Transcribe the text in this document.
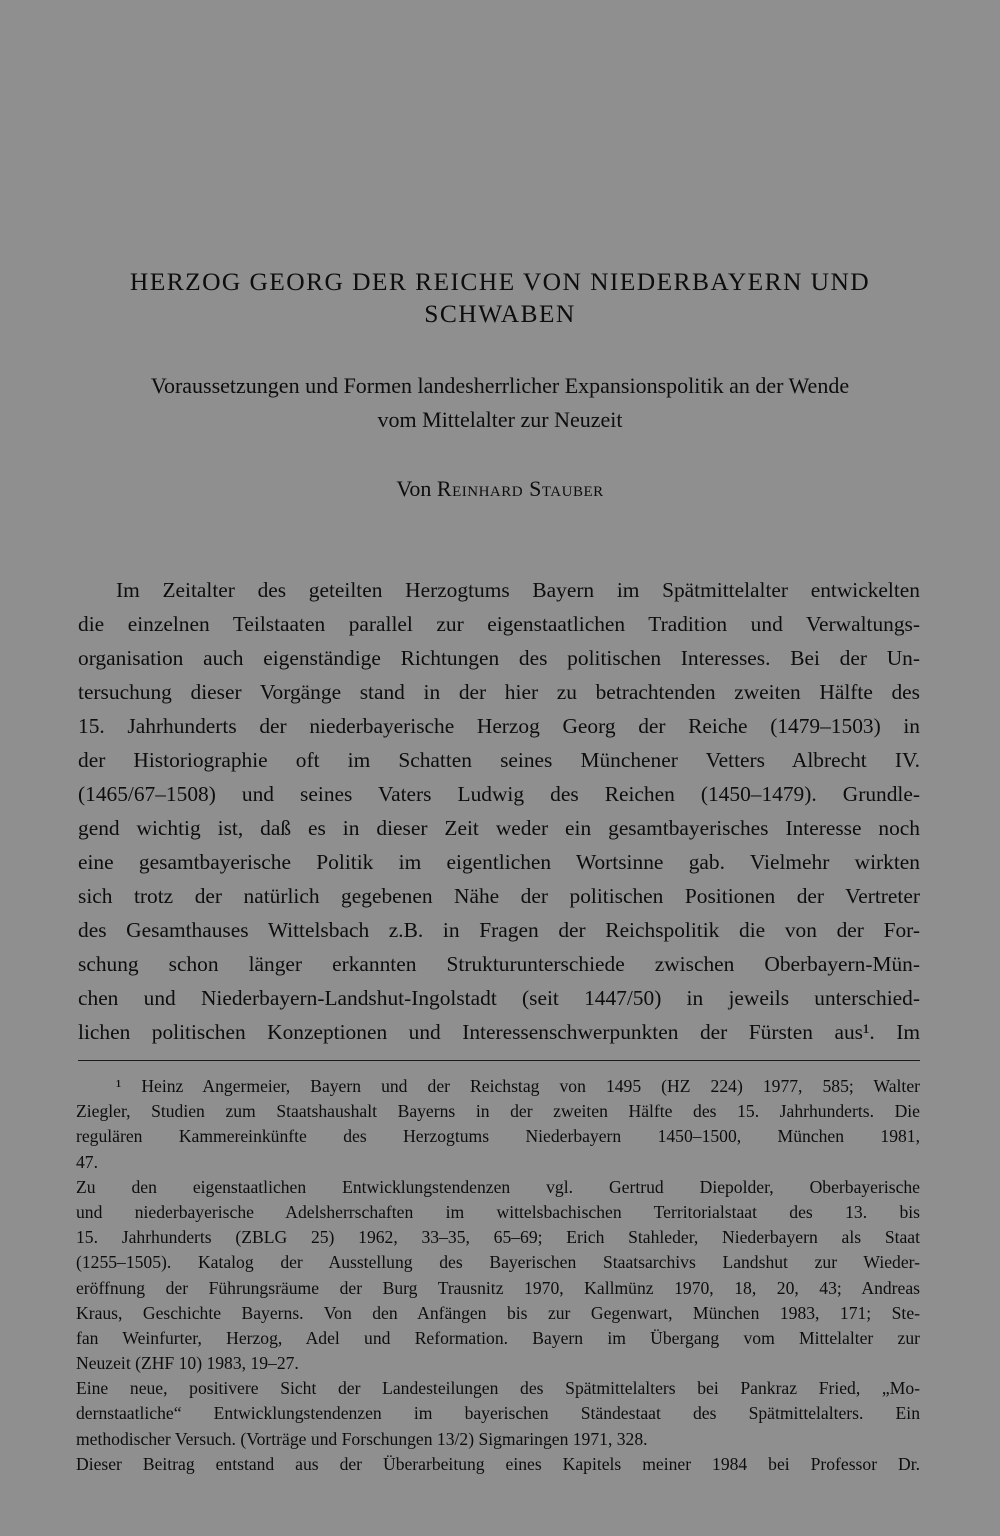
HERZOG GEORG DER REICHE VON NIEDERBAYERN UND
SCHWABEN

Voraussetzungen und Formen landesherrlicher Expansionspolitik an der Wende
vom Mittelalter zur Neuzeit

Von Reinhard Stauber

Im Zeitalter des geteilten Herzogtums Bayern im Spätmittelalter entwickelten
die einzelnen Teilstaaten parallel zur eigenstaatlichen Tradition und Verwaltungs-
organisation auch eigenständige Richtungen des politischen Interesses. Bei der Un-
tersuchung dieser Vorgänge stand in der hier zu betrachtenden zweiten Hälfte des
15. Jahrhunderts der niederbayerische Herzog Georg der Reiche (1479–1503) in
der Historiographie oft im Schatten seines Münchener Vetters Albrecht IV.
(1465/67–1508) und seines Vaters Ludwig des Reichen (1450–1479). Grundle-
gend wichtig ist, daß es in dieser Zeit weder ein gesamtbayerisches Interesse noch
eine gesamtbayerische Politik im eigentlichen Wortsinne gab. Vielmehr wirkten
sich trotz der natürlich gegebenen Nähe der politischen Positionen der Vertreter
des Gesamthauses Wittelsbach z.B. in Fragen der Reichspolitik die von der For-
schung schon länger erkannten Strukturunterschiede zwischen Oberbayern-Mün-
chen und Niederbayern-Landshut-Ingolstadt (seit 1447/50) in jeweils unterschied-
lichen politischen Konzeptionen und Interessenschwerpunkten der Fürsten aus¹. Im
¹ Heinz Angermeier, Bayern und der Reichstag von 1495 (HZ 224) 1977, 585; Walter
Ziegler, Studien zum Staatshaushalt Bayerns in der zweiten Hälfte des 15. Jahrhunderts. Die
regulären Kammereinkünfte des Herzogtums Niederbayern 1450–1500, München 1981,
47.
Zu den eigenstaatlichen Entwicklungstendenzen vgl. Gertrud Diepolder, Oberbayerische
und niederbayerische Adelsherrschaften im wittelsbachischen Territorialstaat des 13. bis
15. Jahrhunderts (ZBLG 25) 1962, 33–35, 65–69; Erich Stahleder, Niederbayern als Staat
(1255–1505). Katalog der Ausstellung des Bayerischen Staatsarchivs Landshut zur Wieder-
eröffnung der Führungsräume der Burg Trausnitz 1970, Kallmünz 1970, 18, 20, 43; Andreas
Kraus, Geschichte Bayerns. Von den Anfängen bis zur Gegenwart, München 1983, 171; Ste-
fan Weinfurter, Herzog, Adel und Reformation. Bayern im Übergang vom Mittelalter zur
Neuzeit (ZHF 10) 1983, 19–27.
Eine neue, positivere Sicht der Landesteilungen des Spätmittelalters bei Pankraz Fried, „Mo-
dernstaatliche“ Entwicklungstendenzen im bayerischen Ständestaat des Spätmittelalters. Ein
methodischer Versuch. (Vorträge und Forschungen 13/2) Sigmaringen 1971, 328.
Dieser Beitrag entstand aus der Überarbeitung eines Kapitels meiner 1984 bei Professor Dr.
